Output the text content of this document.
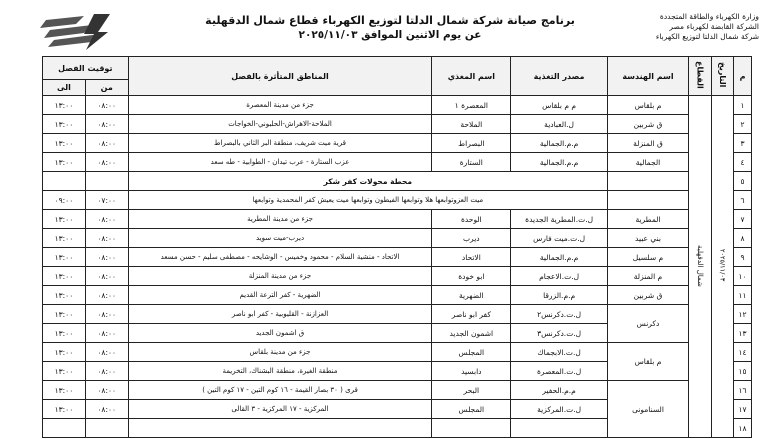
برنامج صيانة شركة شمال الدلتا لتوزيع الكهرباء قطاع شمال الدقهلية
عن يوم الاثنين الموافق ٢٠٢٥/١١/٠٣
وزارة الكهرباء والطاقة المتجددة
الشركة القابضة لكهرباء مصر
شركة شمال الدلتا لتوزيع الكهرباء
م	التاريخ	القطاع	اسم الهندسة	مصدر التغذية	اسم المغذي	المناطق المتأثرة بالفصل	توقيت الفصل	
							من	الى
١	٢٠٢٥/١١/٠٣	شمال الدقهلية	م بلقاس	م م بلقاس	المعصرة ١	جزء من مدينة المعصرة	٠٨:٠٠	١٣:٠٠
٢			ق شربين	ل.العبادية	الملاحة	الملاحة-الاهراش-الحلبوني-الخواجات	٠٨:٠٠	١٣:٠٠
٣			ق المنزلة	م.م.الجمالية	البصراط	قرية ميت شريف، منطقة البر الثاني بالبصراط	٠٨:٠٠	١٣:٠٠
٤			الجمالية	م.م.الجمالية	الستارة	عزب الستارة - عرب تيدان - الطوابية - طه سعد	٠٨:٠٠	١٣:٠٠
٥				محطة محولات كفر شكر				
٦				ميت العزوتوابعها هلا وتوابعها الفيطون وتوابعها ميت يعيش كفر المحمدية وتوابعها			٠٧:٠٠	٠٩:٠٠
٧			المطرية	ل.ت.المطرية الجديدة	الوحدة	جزء من مدينة المطرية	٠٨:٠٠	١٣:٠٠
٨			بني عبيد	ل.ت.ميت فارس	ديرب	ديرب-ميت سويد	٠٨:٠٠	١٣:٠٠
٩			م سلسيل	م.م.الجمالية	الاتحاد	الاتحاد - منشية السلام - محمود وخميس - الوشايحه - مصطفى سليم - حسن مسعد	٠٨:٠٠	١٣:٠٠
١٠			م المنزلة	ل.ت.الاعجام	ابو خودة	جزء من مدينة المنزلة	٠٨:٠٠	١٣:٠٠
١١			ق شربين	م.م.الزرقا	الضهرية	الضهرية - كفر الترعة القديم	٠٨:٠٠	١٣:٠٠
١٢			دكرنس	ل.ت.دكرنس٢	كفر ابو ناصر	العزازنة - القليوبية - كفر ابو ناصر	٠٨:٠٠	١٣:٠٠
١٣				ل.ت.دكرنس٣	اشمون الجديد	ق اشمون الجديد	٠٨:٠٠	١٣:٠٠
١٤			م بلقاس	ل.ت.الابجماك	المجلس	جزء من مدينة بلقاس	٠٨:٠٠	١٣:٠٠
١٥				ل.ت.المعصرة	دابسيد	منطقة الغيرة، منطقة البشناك، التخريمة	٠٨:٠٠	١٣:٠٠
١٦			السنامونى	م.م.الحفير	البحر	قرى ( ٣٠ بصار القيمة - ١٦ كوم التين - ١٧ كوم التين )	٠٨:٠٠	١٣:٠٠
١٧				ل.ت.المركزية	المجلس	المركزية - ١٧ المركزية - ٣ القالى	٠٨:٠٠	١٣:٠٠
١٨								
